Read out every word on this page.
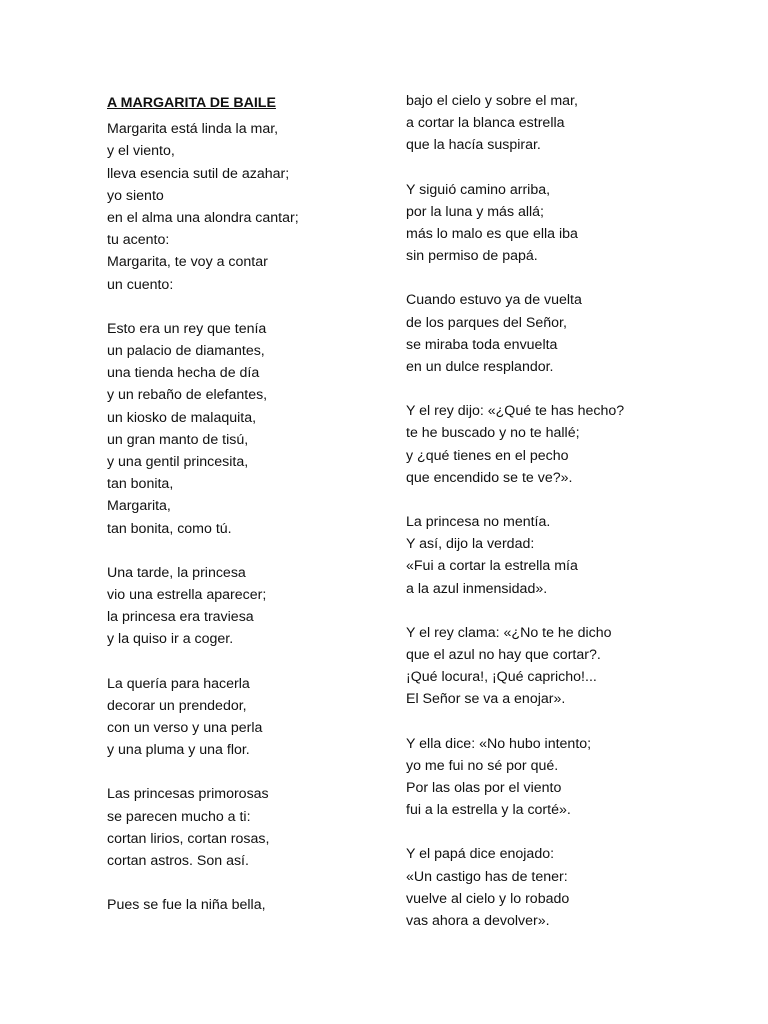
A MARGARITA DE BAILE
Margarita está linda la mar,
y el viento,
lleva esencia sutil de azahar;
yo siento
en el alma una alondra cantar;
tu acento:
Margarita, te voy a contar
un cuento:
Esto era un rey que tenía
un palacio de diamantes,
una tienda hecha de día
y un rebaño de elefantes,
un kiosko de malaquita,
un gran manto de tisú,
y una gentil princesita,
tan bonita,
Margarita,
tan bonita, como tú.
Una tarde, la princesa
vio una estrella aparecer;
la princesa era traviesa
y la quiso ir a coger.
La quería para hacerla
decorar un prendedor,
con un verso y una perla
y una pluma y una flor.
Las princesas primorosas
se parecen mucho a ti:
cortan lirios, cortan rosas,
cortan astros. Son así.
Pues se fue la niña bella,
bajo el cielo y sobre el mar,
a cortar la blanca estrella
que la hacía suspirar.
Y siguió camino arriba,
por la luna y más allá;
más lo malo es que ella iba
sin permiso de papá.
Cuando estuvo ya de vuelta
de los parques del Señor,
se miraba toda envuelta
en un dulce resplandor.
Y el rey dijo: «¿Qué te has hecho?
te he buscado y no te hallé;
y ¿qué tienes en el pecho
que encendido se te ve?».
La princesa no mentía.
Y así, dijo la verdad:
«Fui a cortar la estrella mía
a la azul inmensidad».
Y el rey clama: «¿No te he dicho
que el azul no hay que cortar?.
¡Qué locura!, ¡Qué capricho!...
El Señor se va a enojar».
Y ella dice: «No hubo intento;
yo me fui no sé por qué.
Por las olas por el viento
fui a la estrella y la corté».
Y el papá dice enojado:
«Un castigo has de tener:
vuelve al cielo y lo robado
vas ahora a devolver».
